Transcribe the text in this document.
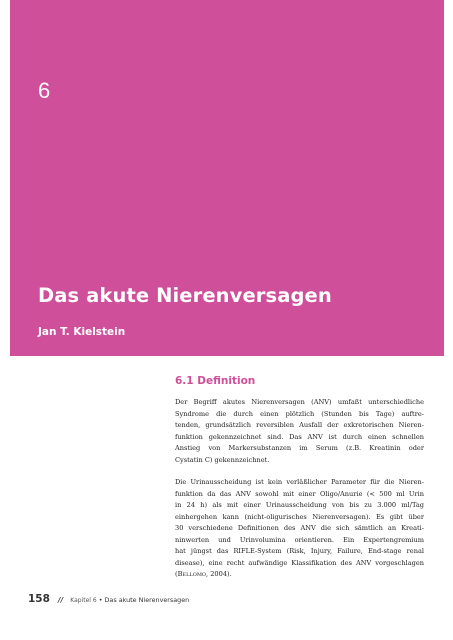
6
Das akute Nierenversagen
Jan T. Kielstein
6.1 Definition

Der Begriff akutes Nierenversagen (ANV) umfaßt unterschiedliche
Syndrome die durch einen plötzlich (Stunden bis Tage) auftre-
tenden, grundsätzlich reversiblen Ausfall der exkretorischen Nieren-
funktion gekennzeichnet sind. Das ANV ist durch einen schnellen
Anstieg von Markersubstanzen im Serum (z.B. Kreatinin oder
Cystatin C) gekennzeichnet.

Die Urinausscheidung ist kein verläßlicher Parameter für die Nieren-
funktion da das ANV sowohl mit einer Oligo/Anurie (< 500 ml Urin
in 24 h) als mit einer Urinausscheidung von bis zu 3.000 ml/Tag
einhergehen kann (nicht-oligurisches Nierenversagen). Es gibt über
30 verschiedene Definitionen des ANV die sich sämtlich an Kreati-
ninwerten und Urinvolumina orientieren. Ein Expertengremium
hat jüngst das RIFLE-System (Risk, Injury, Failure, End-stage renal
disease), eine recht aufwändige Klassifikation des ANV vorgeschlagen
(Bellomo, 2004).

158 // Kapitel 6 • Das akute Nierenversagen
